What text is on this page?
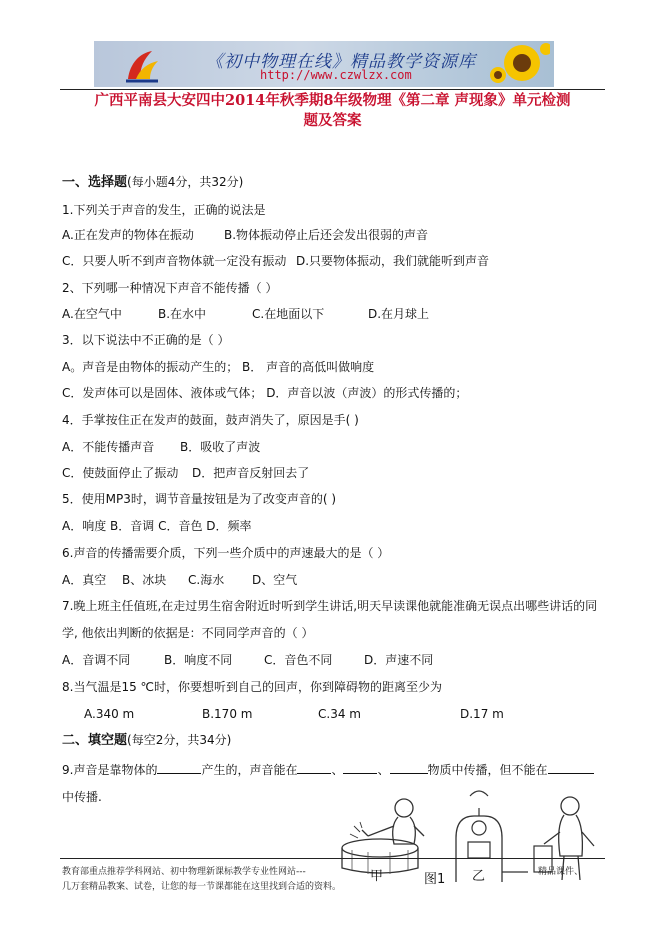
《初中物理在线》精品教学资源库
http://www.czwlzx.com
广西平南县大安四中2014年秋季期8年级物理《第二章 声现象》单元检测
题及答案
一、选择题(每小题4分，共32分)
1.下列关于声音的发生，正确的说法是
A.正在发声的物体在振动	B.物体振动停止后还会发出很弱的声音
C．只要人听不到声音物体就一定没有振动 D.只要物体振动，我们就能听到声音
2、下列哪一种情况下声音不能传播（ ）
A.在空气中	B.在水中	C.在地面以下	D.在月球上
3．以下说法中不正确的是（ ）
A。声音是由物体的振动产生的； B． 声音的高低叫做响度
C．发声体可以是固体、液体或气体； D．声音以波（声波）的形式传播的；
4．手掌按住正在发声的鼓面，鼓声消失了，原因是手( )
A．不能传播声音 B．吸收了声波
C．使鼓面停止了振动 D．把声音反射回去了
5．使用MP3时，调节音量按钮是为了改变声音的( )
A．响度 B．音调 C．音色 D．频率
6.声音的传播需要介质，下列一些介质中的声速最大的是（ ）
A．真空 B、冰块 C.海水 D、空气
7.晚上班主任值班,在走过男生宿舍附近时听到学生讲话,明天早读课他就能准确无误点出哪些讲话的同
学, 他依出判断的依据是：不同同学声音的（ ）
A．音调不同	B．响度不同	C．音色不同	D．声速不同
8.当气温是15 ℃时，你要想听到自己的回声，你到障碍物的距离至少为
A.340 m	B.170 m	C.34 m	D.17 m
二、填空题(每空2分，共34分)
9.声音是靠物体的	产生的，声音能在	、	、	物质中传播，但不能在
中传播.
甲	图1 乙
教育部重点推荐学科网站、初中物理新课标教学专业性网站---	精品课件、
几万套精品教案、试卷，让您的每一节课都能在这里找到合适的资料。
